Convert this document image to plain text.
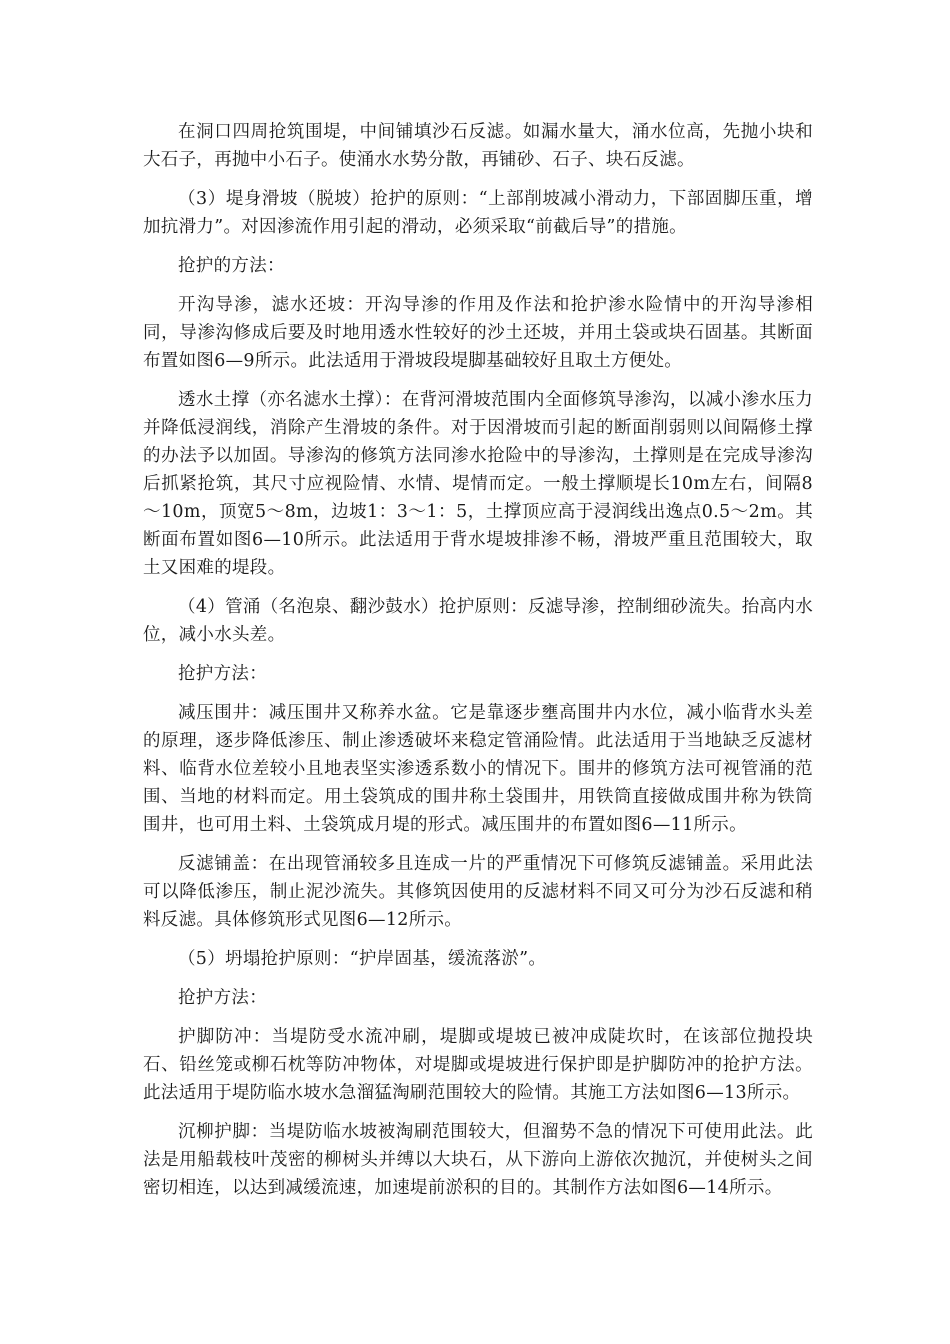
在洞口四周抢筑围堤，中间铺填沙石反滤。如漏水量大，涌水位高，先抛小块和大石子，再抛中小石子。使涌水水势分散，再铺砂、石子、块石反滤。

（3）堤身滑坡（脱坡）抢护的原则：“上部削坡减小滑动力，下部固脚压重，增加抗滑力”。对因渗流作用引起的滑动，必须采取“前截后导”的措施。

抢护的方法：

开沟导渗，滤水还坡：开沟导渗的作用及作法和抢护渗水险情中的开沟导渗相同，导渗沟修成后要及时地用透水性较好的沙土还坡，并用土袋或块石固基。其断面布置如图6—9所示。此法适用于滑坡段堤脚基础较好且取土方便处。

透水土撑（亦名滤水土撑）：在背河滑坡范围内全面修筑导渗沟，以减小渗水压力并降低浸润线，消除产生滑坡的条件。对于因滑坡而引起的断面削弱则以间隔修土撑的办法予以加固。导渗沟的修筑方法同渗水抢险中的导渗沟，土撑则是在完成导渗沟后抓紧抢筑，其尺寸应视险情、水情、堤情而定。一般土撑顺堤长10m左右，间隔8～10m，顶宽5～8m，边坡1：3～1：5，土撑顶应高于浸润线出逸点0.5～2m。其断面布置如图6—10所示。此法适用于背水堤坡排渗不畅，滑坡严重且范围较大，取土又困难的堤段。

（4）管涌（名泡泉、翻沙鼓水）抢护原则：反滤导渗，控制细砂流失。抬高内水位，减小水头差。

抢护方法：

减压围井：减压围井又称养水盆。它是靠逐步壅高围井内水位，减小临背水头差的原理，逐步降低渗压、制止渗透破坏来稳定管涌险情。此法适用于当地缺乏反滤材料、临背水位差较小且地表坚实渗透系数小的情况下。围井的修筑方法可视管涌的范围、当地的材料而定。用土袋筑成的围井称土袋围井，用铁筒直接做成围井称为铁筒围井，也可用土料、土袋筑成月堤的形式。减压围井的布置如图6—11所示。

反滤铺盖：在出现管涌较多且连成一片的严重情况下可修筑反滤铺盖。采用此法可以降低渗压，制止泥沙流失。其修筑因使用的反滤材料不同又可分为沙石反滤和稍料反滤。具体修筑形式见图6—12所示。

（5）坍塌抢护原则：“护岸固基，缓流落淤”。

抢护方法：

护脚防冲：当堤防受水流冲刷，堤脚或堤坡已被冲成陡坎时，在该部位抛投块石、铅丝笼或柳石枕等防冲物体，对堤脚或堤坡进行保护即是护脚防冲的抢护方法。此法适用于堤防临水坡水急溜猛淘刷范围较大的险情。其施工方法如图6—13所示。

沉柳护脚：当堤防临水坡被淘刷范围较大，但溜势不急的情况下可使用此法。此法是用船载枝叶茂密的柳树头并缚以大块石，从下游向上游依次抛沉，并使树头之间密切相连，以达到减缓流速，加速堤前淤积的目的。其制作方法如图6—14所示。
